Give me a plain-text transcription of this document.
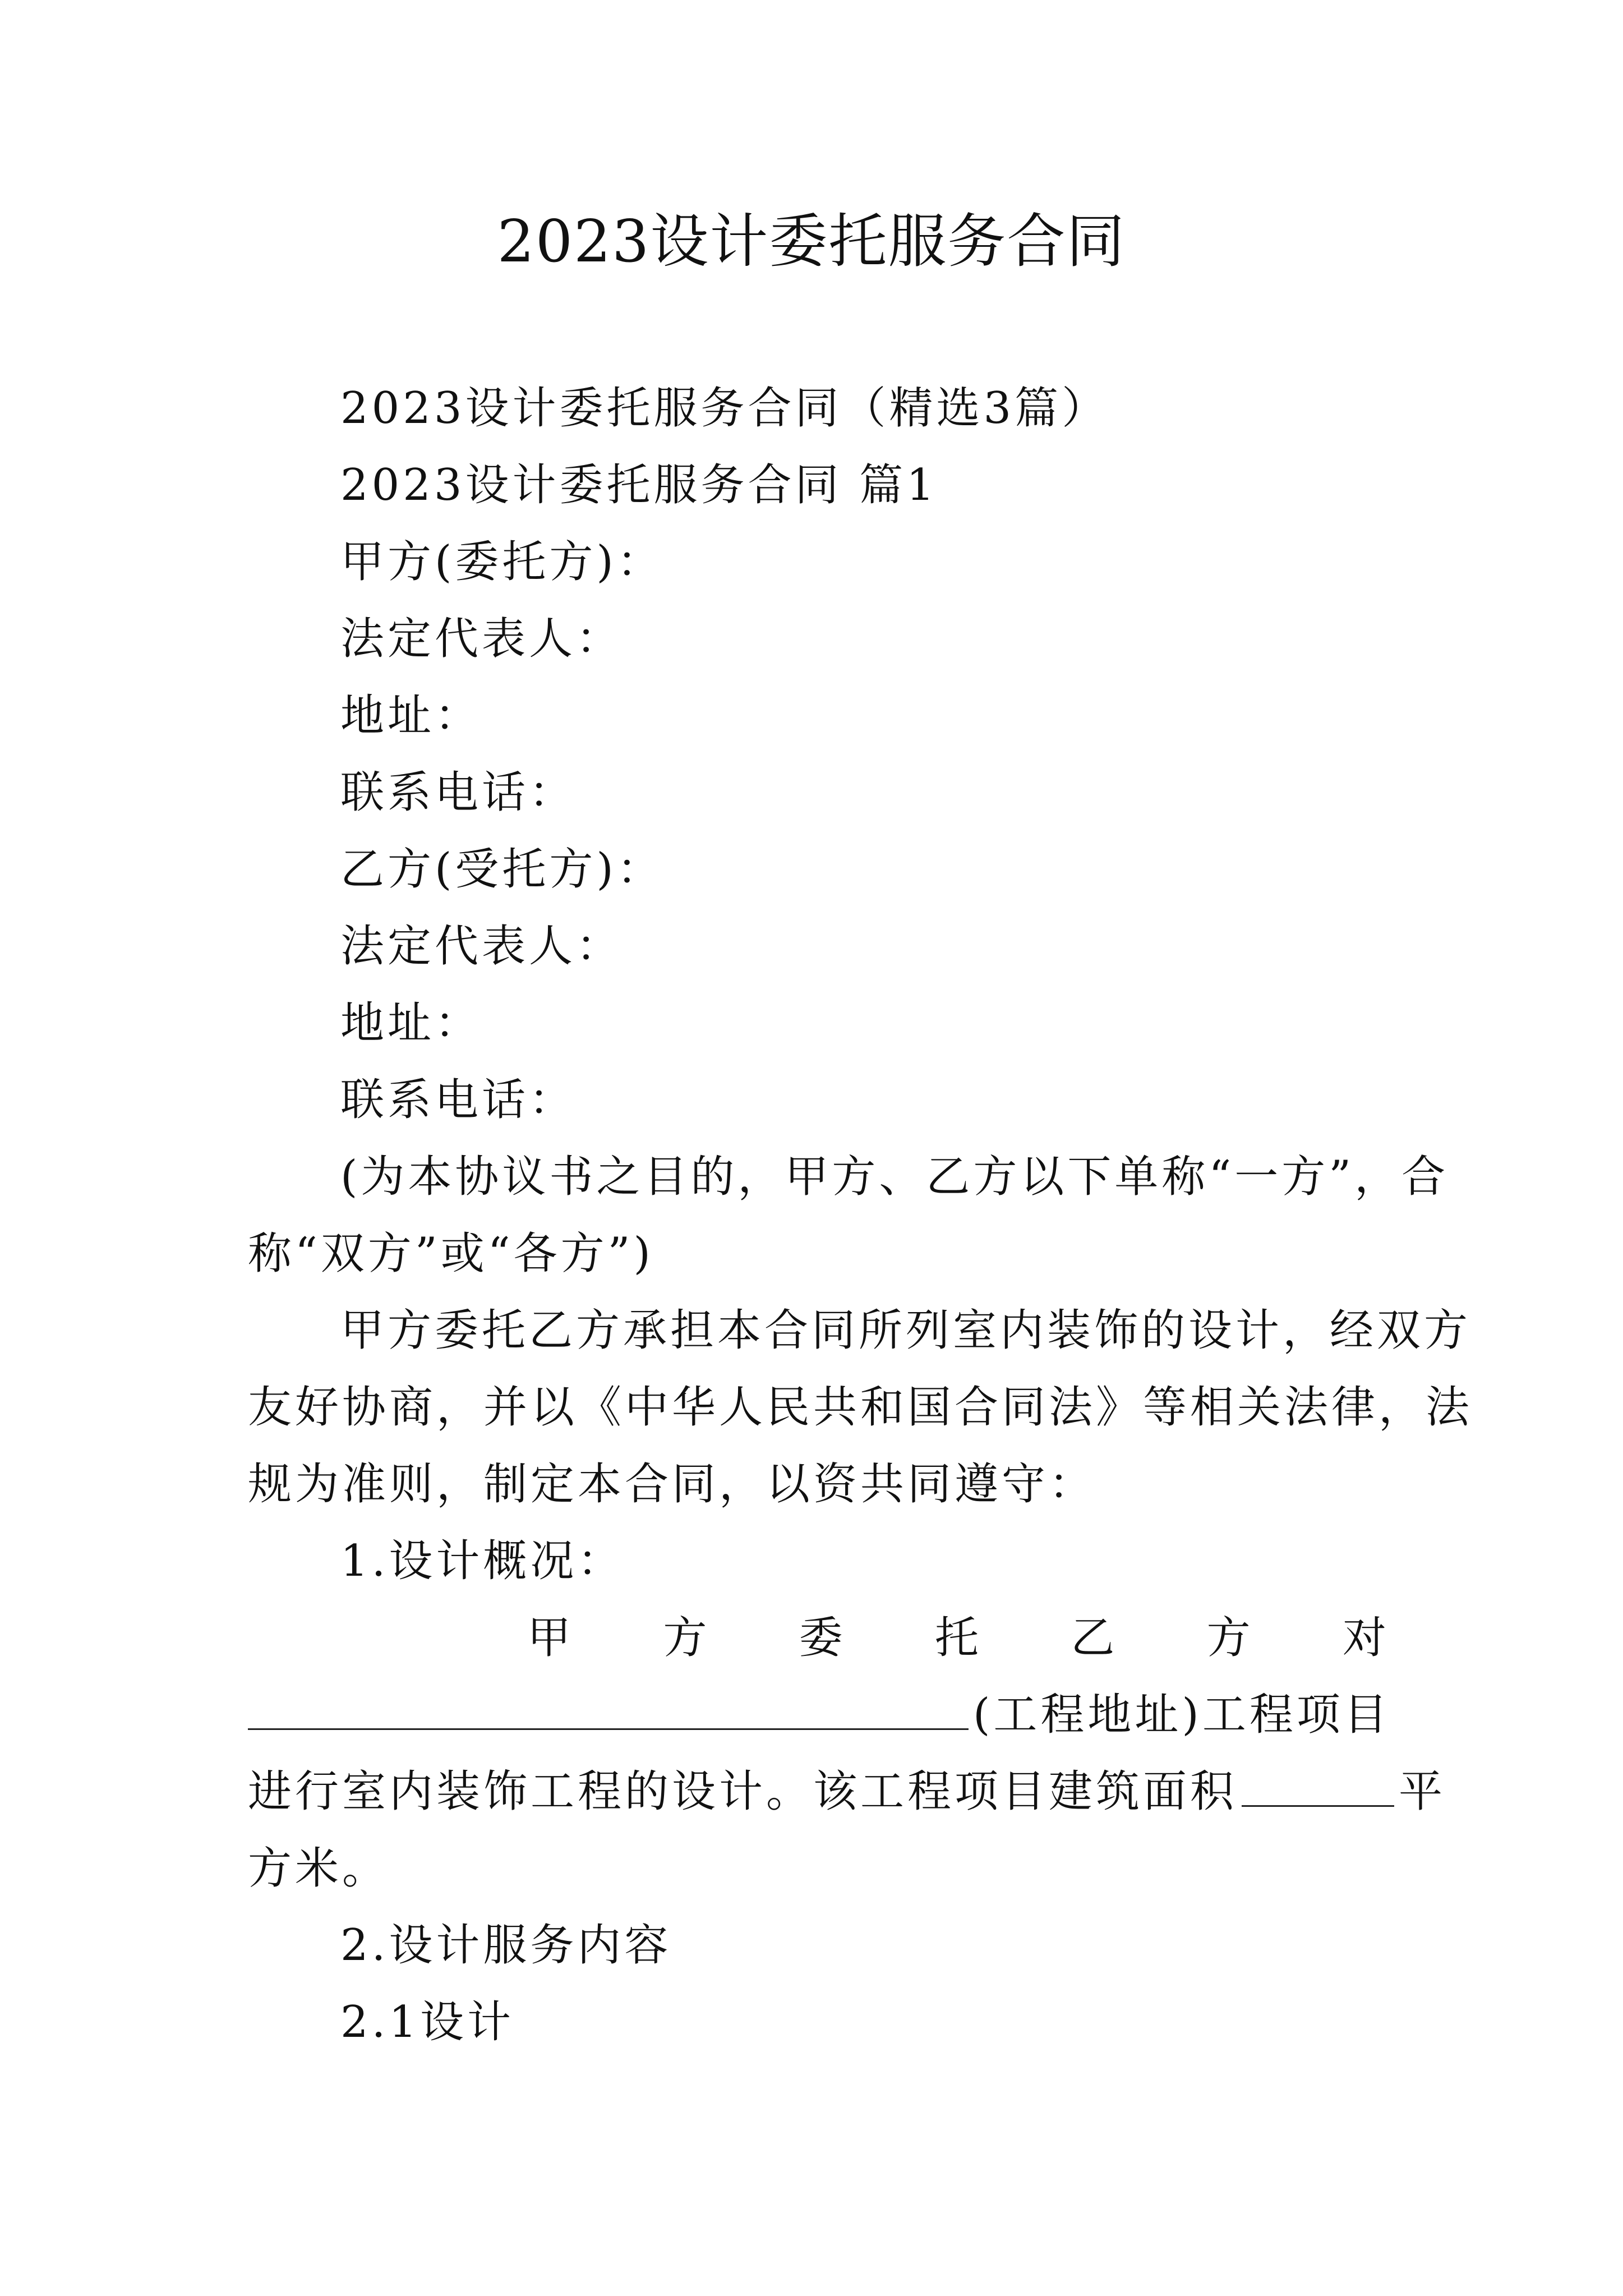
2023设计委托服务合同
2023设计委托服务合同（精选3篇）
2023设计委托服务合同 篇1
甲方(委托方)：
法定代表人：
地址：
联系电话：
乙方(受托方)：
法定代表人：
地址：
联系电话：
(为本协议书之目的，甲方、乙方以下单称“一方”，合
称“双方”或“各方”)
甲方委托乙方承担本合同所列室内装饰的设计，经双方
友好协商，并以《中华人民共和国合同法》等相关法律，法
规为准则，制定本合同，以资共同遵守：
1.设计概况：
甲 方 委 托 乙 方 对
(工程地址)工程项目
进行室内装饰工程的设计。该工程项目建筑面积	平
方米。
2.设计服务内容
2.1设计
